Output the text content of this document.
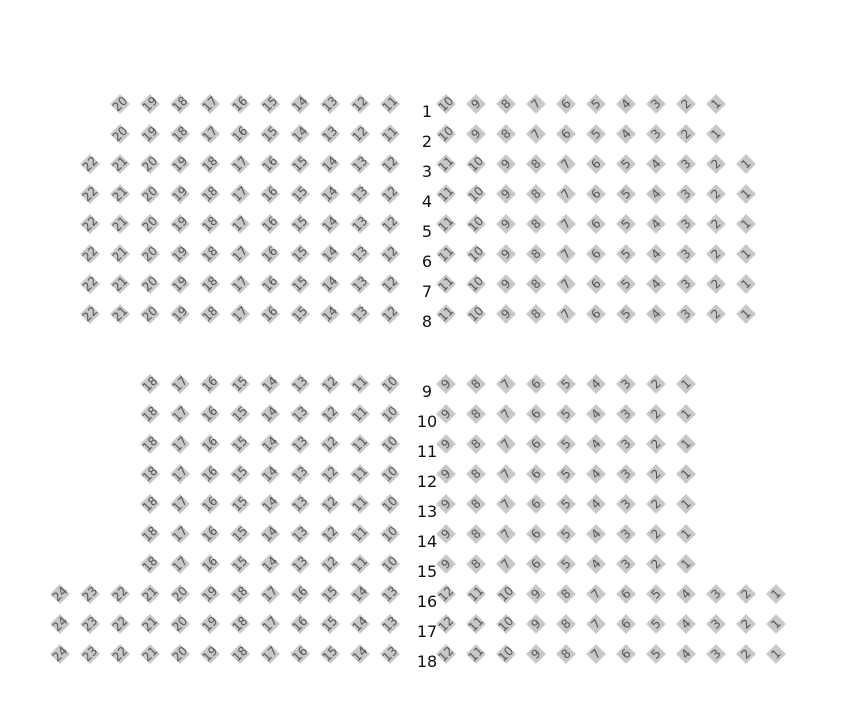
1
20 19 18 17 16 15 14 13 12 11	10 9	8	7	6	5	4	3	2	1
2
20 19 18 17 16 15 14 13 12 11	10 9	8	7	6	5	4	3	2	1
3
22 21 20 19 18 17 16 15 14 13 12	11 10 9	8	7	6	5	4	3	2	1
4
22 21 20 19 18 17 16 15 14 13 12	11 10 9	8	7	6	5	4	3	2	1
5
22 21 20 19 18 17 16 15 14 13 12	11 10 9	8	7	6	5	4	3	2	1
6
22 21 20 19 18 17 16 15 14 13 12	11 10 9	8	7	6	5	4	3	2	1
7
22 21 20 19 18 17 16 15 14 13 12	11 10 9	8	7	6	5	4	3	2	1
8
22 21 20 19 18 17 16 15 14 13 12	11 10 9	8	7	6	5	4	3	2	1
9
18 17 16 15 14 13 12 11 10	9	8	7	6	5	4	3	2	1
10
18 17 16 15 14 13 12 11 10	9	8	7	6	5	4	3	2	1
11
18 17 16 15 14 13 12 11 10	9	8	7	6	5	4	3	2	1
12
18 17 16 15 14 13 12 11 10	9	8	7	6	5	4	3	2	1
13
18 17 16 15 14 13 12 11 10	9	8	7	6	5	4	3	2	1
14
18 17 16 15 14 13 12 11 10	9	8	7	6	5	4	3	2	1
15
18 17 16 15 14 13 12 11 10	9	8	7	6	5	4	3	2	1
16
24 23 22 21 20 19 18 17 16 15 14 13	12 11 10 9	8	7	6	5	4	3	2	1
17
24 23 22 21 20 19 18 17 16 15 14 13	12 11 10 9	8	7	6	5	4	3	2	1
18
24 23 22 21 20 19 18 17 16 15 14 13	12 11 10 9	8	7	6	5	4	3	2	1
